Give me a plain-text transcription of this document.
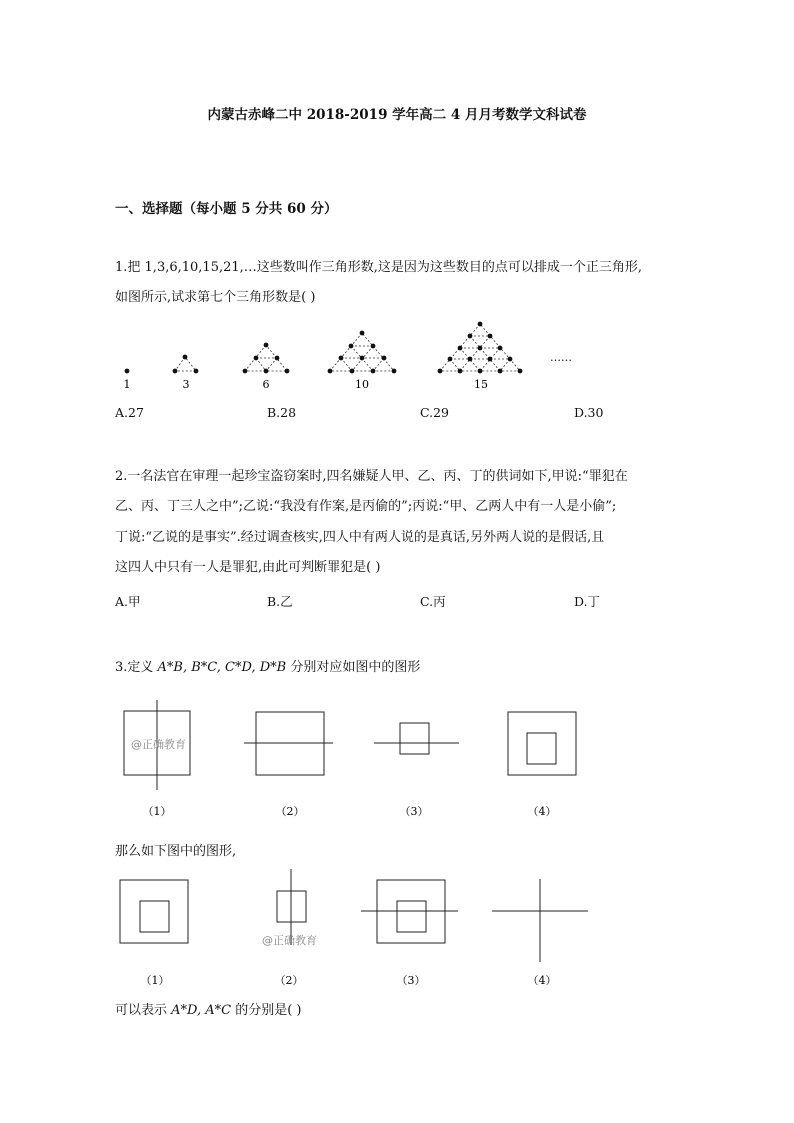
内蒙古赤峰二中 2018-2019 学年高二 4 月月考数学文科试卷
一、选择题（每小题 5 分共 60 分）
1.把 1,3,6,10,15,21,…这些数叫作三角形数,这是因为这些数目的点可以排成一个正三角形,
如图所示,试求第七个三角形数是( )
1	3	6	10	15
……
A.27	B.28	C.29	D.30
2.一名法官在审理一起珍宝盗窃案时,四名嫌疑人甲、乙、丙、丁的供词如下,甲说:“罪犯在
乙、丙、丁三人之中”;乙说:“我没有作案,是丙偷的”;丙说:“甲、乙两人中有一人是小偷”;
丁说:“乙说的是事实”.经过调查核实,四人中有两人说的是真话,另外两人说的是假话,且
这四人中只有一人是罪犯,由此可判断罪犯是( )
A.甲	B.乙	C.丙	D.丁
3.定义 A*B, B*C, C*D, D*B 分别对应如图中的图形
@正确教育
（1）	（2）	（3）	（4）
那么如下图中的图形,
@正确教育
（1）	（2）	（3）	（4）
可以表示 A*D, A*C 的分别是( )
